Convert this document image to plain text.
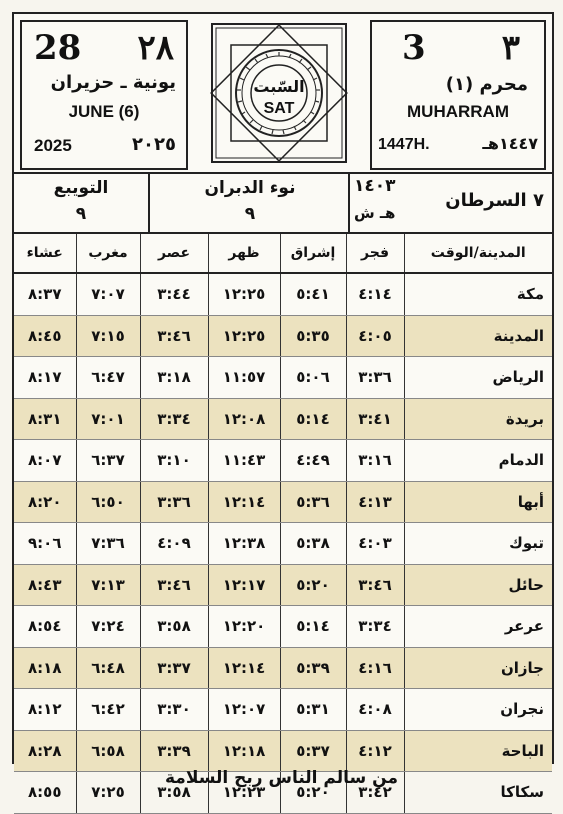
28 ٢٨
يونية ـ حزيران
JUNE (6)
2025	٢٠٢٥
السّبت
SAT
3 ٣
محرم (١)
MUHARRAM
1447H.	١٤٤٧هـ
التويبع
٩
نوء الدبران
٩
١٤٠٣
هـ ش
٧ السرطان
عشاء	مغرب	عصر	ظهر	إشراق	فجر	المدينة/الوقت
٨:٣٧	٧:٠٧	٣:٤٤	١٢:٢٥	٥:٤١	٤:١٤	مكة
٨:٤٥	٧:١٥	٣:٤٦	١٢:٢٥	٥:٣٥	٤:٠٥	المدينة
٨:١٧	٦:٤٧	٣:١٨	١١:٥٧	٥:٠٦	٣:٣٦	الرياض
٨:٣١	٧:٠١	٣:٣٤	١٢:٠٨	٥:١٤	٣:٤١	بريدة
٨:٠٧	٦:٣٧	٣:١٠	١١:٤٣	٤:٤٩	٣:١٦	الدمام
٨:٢٠	٦:٥٠	٣:٣٦	١٢:١٤	٥:٣٦	٤:١٣	أبها
٩:٠٦	٧:٣٦	٤:٠٩	١٢:٣٨	٥:٣٨	٤:٠٣	تبوك
٨:٤٣	٧:١٣	٣:٤٦	١٢:١٧	٥:٢٠	٣:٤٦	حائل
٨:٥٤	٧:٢٤	٣:٥٨	١٢:٢٠	٥:١٤	٣:٣٤	عرعر
٨:١٨	٦:٤٨	٣:٣٧	١٢:١٤	٥:٣٩	٤:١٦	جازان
٨:١٢	٦:٤٢	٣:٣٠	١٢:٠٧	٥:٣١	٤:٠٨	نجران
٨:٢٨	٦:٥٨	٣:٣٩	١٢:١٨	٥:٣٧	٤:١٢	الباحة
٨:٥٥	٧:٢٥	٣:٥٨	١٢:٢٣	٥:٢٠	٣:٤٢	سكاكا
من سالم الناس ربح السلامة
